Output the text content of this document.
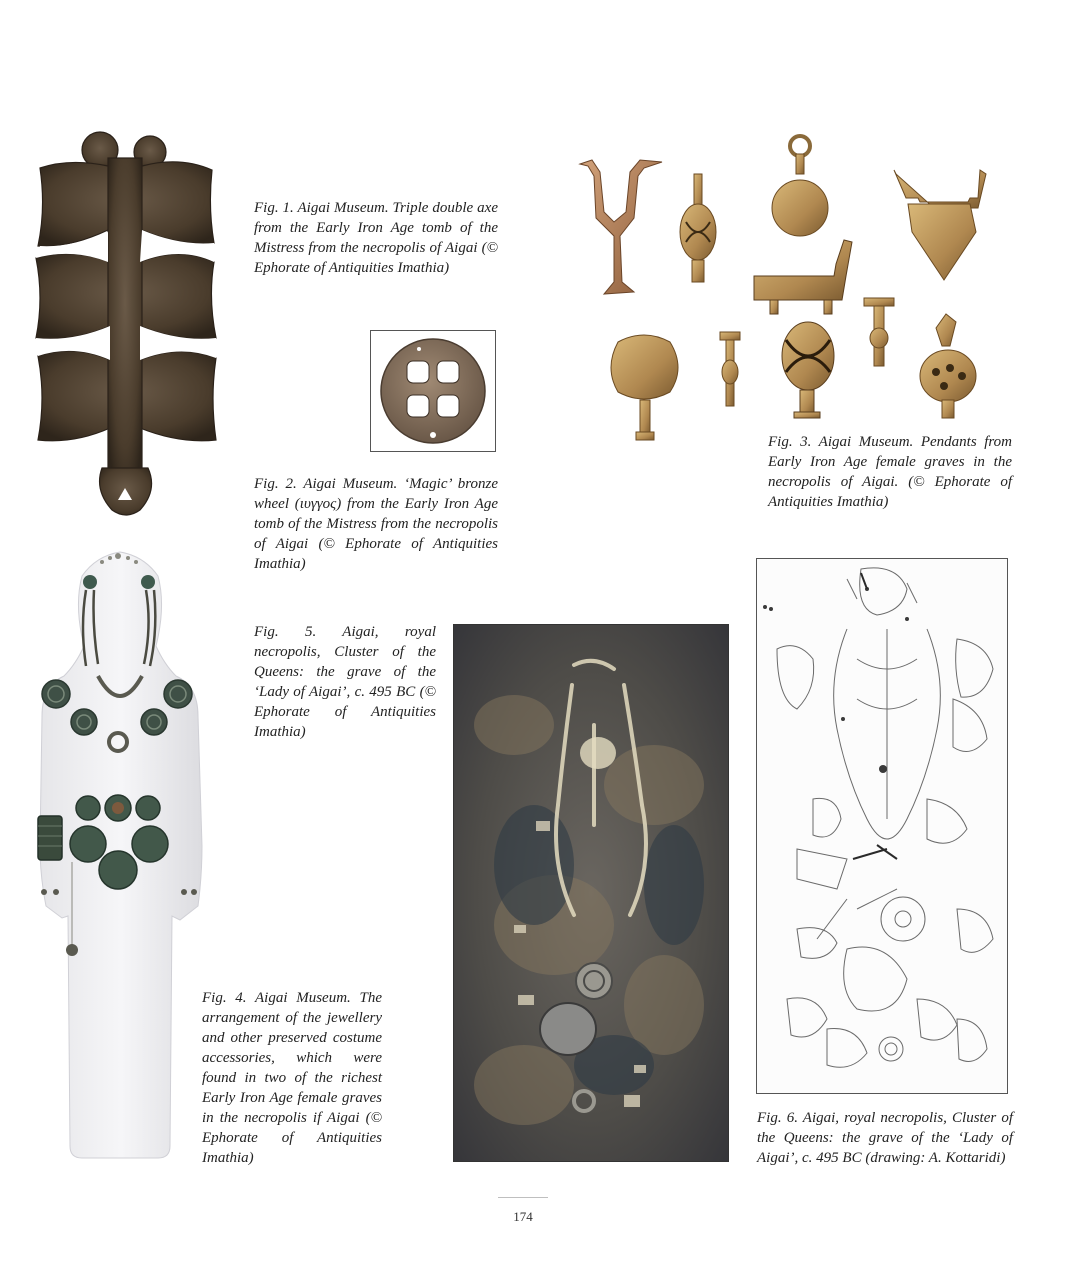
Fig. 1. Aigai Museum. Triple double axe from the Early Iron Age tomb of the Mistress from the necropolis of Aigai (© Ephorate of Antiquities Imathia)
Fig. 2. Aigai Museum. ‘Magic’ bronze wheel (ιυγγος) from the Early Iron Age tomb of the Mistress from the necropolis of Aigai (© Ephorate of Antiquities Imathia)
Fig. 3. Aigai Museum. Pendants from Early Iron Age female graves in the necropolis of Aigai. (© Ephorate of Antiquities Imathia)
Fig. 4. Aigai Museum. The arrangement of the jewellery and other preserved costume accessories, which were found in two of the richest Early Iron Age female graves in the necropolis if Aigai (© Ephorate of Antiquities Imathia)
Fig. 5. Aigai, royal necropolis, Cluster of the Queens: the grave of the ‘Lady of Aigai’, c. 495 BC (© Ephorate of Antiquities Imathia)
Fig. 6. Aigai, royal necropolis, Cluster of the Queens: the grave of the ‘Lady of Aigai’, c. 495 BC (drawing: A. Kottaridi)
174
